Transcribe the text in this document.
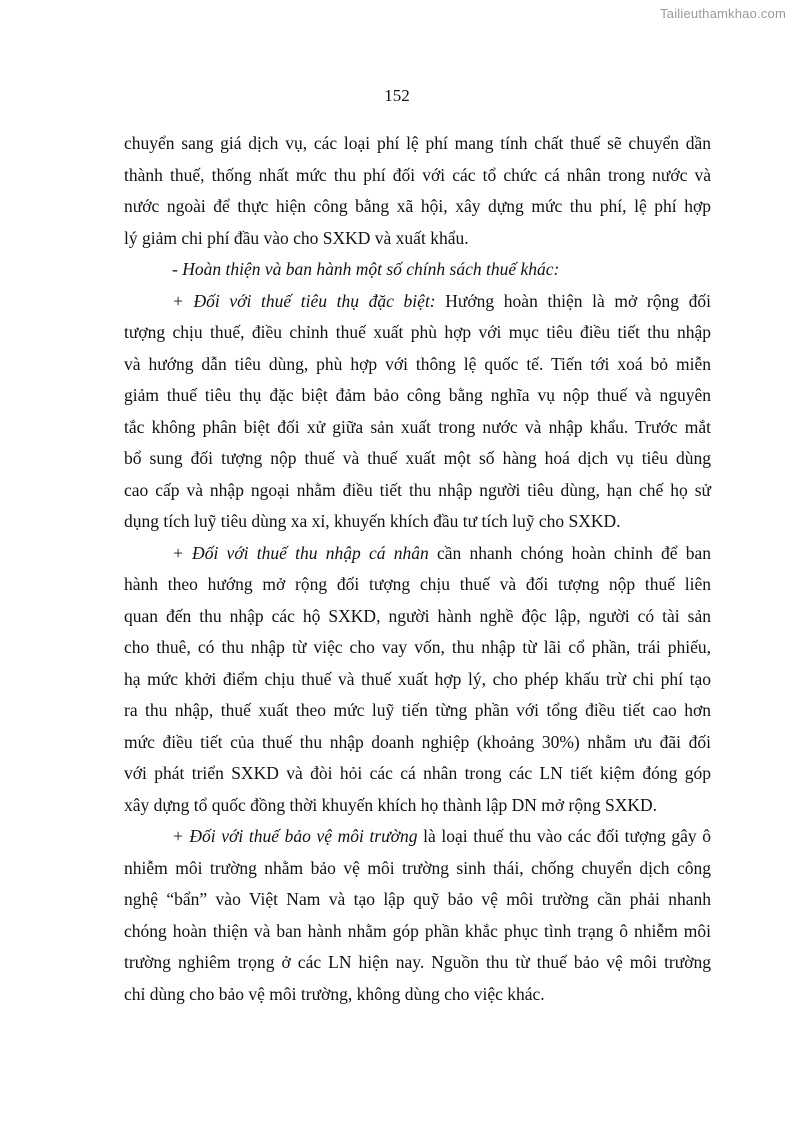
Tailieuthamkhao.com
152
chuyển sang giá dịch vụ, các loại phí lệ phí mang tính chất thuế sẽ chuyển dần
thành thuế, thống nhất mức thu phí đối với các tổ chức cá nhân trong nước và
nước ngoài để thực hiện công bằng xã hội, xây dựng mức thu phí, lệ phí hợp
lý giảm chi phí đầu vào cho SXKD và xuất khẩu.
- Hoàn thiện và ban hành một số chính sách thuế khác:
+ Đối với thuế tiêu thụ đặc biệt: Hướng hoàn thiện là mở rộng đối
tượng chịu thuế, điều chỉnh thuế xuất phù hợp với mục tiêu điều tiết thu nhập
và hướng dẫn tiêu dùng, phù hợp với thông lệ quốc tế. Tiến tới xoá bỏ miễn
giảm thuế tiêu thụ đặc biệt đảm bảo công bằng nghĩa vụ nộp thuế và nguyên
tắc không phân biệt đối xử giữa sản xuất trong nước và nhập khẩu. Trước mắt
bổ sung đối tượng nộp thuế và thuế xuất một số hàng hoá dịch vụ tiêu dùng
cao cấp và nhập ngoại nhằm điều tiết thu nhập người tiêu dùng, hạn chế họ sử
dụng tích luỹ tiêu dùng xa xỉ, khuyến khích đầu tư tích luỹ cho SXKD.
+ Đối với thuế thu nhập cá nhân cần nhanh chóng hoàn chỉnh để ban
hành theo hướng mở rộng đối tượng chịu thuế và đối tượng nộp thuế liên
quan đến thu nhập các hộ SXKD, người hành nghề độc lập, người có tài sản
cho thuê, có thu nhập từ việc cho vay vốn, thu nhập từ lãi cổ phần, trái phiếu,
hạ mức khởi điểm chịu thuế và thuế xuất hợp lý, cho phép khấu trừ chi phí tạo
ra thu nhập, thuế xuất theo mức luỹ tiến từng phần với tổng điều tiết cao hơn
mức điều tiết của thuế thu nhập doanh nghiệp (khoảng 30%) nhằm ưu đãi đối
với phát triển SXKD và đòi hỏi các cá nhân trong các LN tiết kiệm đóng góp
xây dựng tổ quốc đồng thời khuyến khích họ thành lập DN mở rộng SXKD.
+ Đối với thuế bảo vệ môi trường là loại thuế thu vào các đối tượng gây ô
nhiễm môi trường nhằm bảo vệ môi trường sinh thái, chống chuyển dịch công
nghệ “bẩn” vào Việt Nam và tạo lập quỹ bảo vệ môi trường cần phải nhanh
chóng hoàn thiện và ban hành nhằm góp phần khắc phục tình trạng ô nhiễm môi
trường nghiêm trọng ở các LN hiện nay. Nguồn thu từ thuế bảo vệ môi trường
chỉ dùng cho bảo vệ môi trường, không dùng cho việc khác.
